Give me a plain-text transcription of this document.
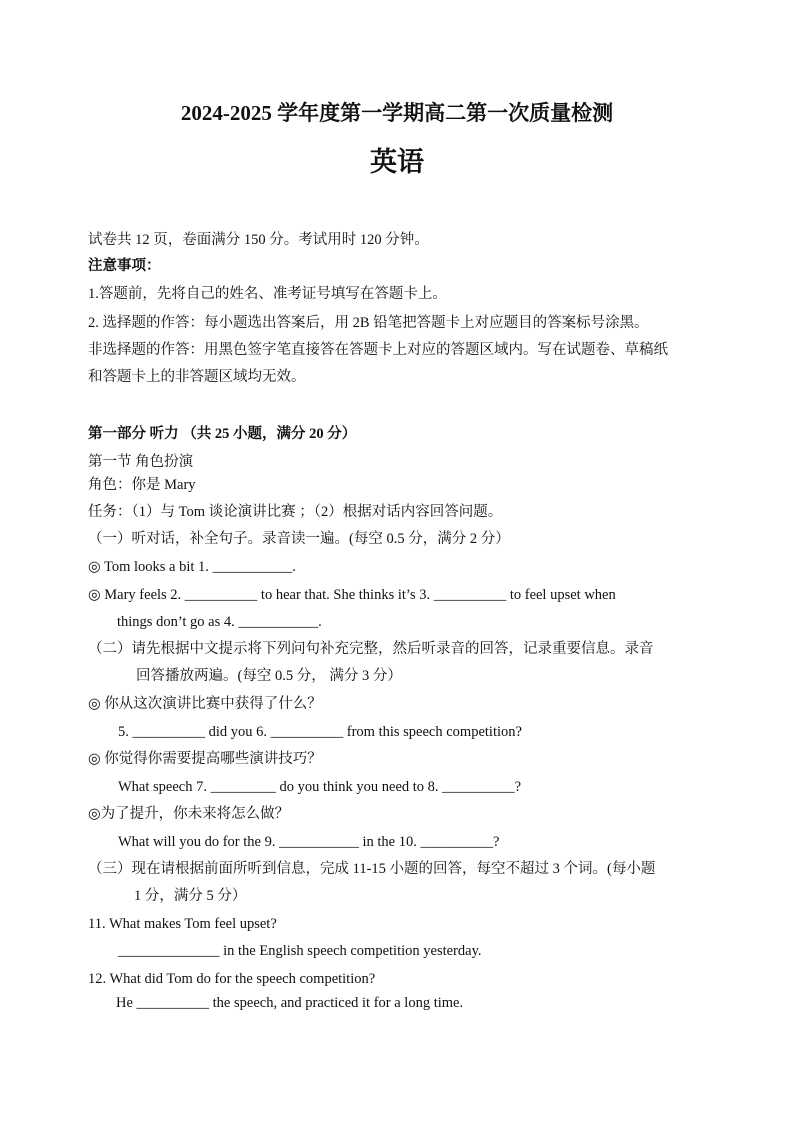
2024-2025 学年度第一学期高二第一次质量检测
英语
试卷共 12 页，卷面满分 150 分。考试用时 120 分钟。
注意事项：
1.答题前，先将自己的姓名、准考证号填写在答题卡上。
2. 选择题的作答：每小题选出答案后，用 2B 铅笔把答题卡上对应题目的答案标号涂黑。
非选择题的作答：用黑色签字笔直接答在答题卡上对应的答题区域内。写在试题卷、草稿纸
和答题卡上的非答题区域均无效。
第一部分 听力 （共 25 小题，满分 20 分）
第一节 角色扮演
角色：你是 Mary
任务：（1）与 Tom 谈论演讲比赛 ；（2）根据对话内容回答问题。
（一）听对话，补全句子。录音读一遍。(每空 0.5 分，满分 2 分）
◎ Tom looks a bit 1. ___________.
◎ Mary feels 2. __________ to hear that. She thinks it’s 3. __________ to feel upset when
things don’t go as 4. ___________.
（二）请先根据中文提示将下列问句补充完整，然后听录音的回答，记录重要信息。录音
回答播放两遍。(每空 0.5 分， 满分 3 分）
◎ 你从这次演讲比赛中获得了什么？
5. __________ did you 6. __________ from this speech competition?
◎ 你觉得你需要提高哪些演讲技巧？
What speech 7. _________ do you think you need to 8. __________?
◎为了提升，你未来将怎么做？
What will you do for the 9. ___________ in the 10. __________?
（三）现在请根据前面所听到信息，完成 11-15 小题的回答，每空不超过 3 个词。(每小题
1 分，满分 5 分）
11. What makes Tom feel upset?
______________ in the English speech competition yesterday.
12. What did Tom do for the speech competition?
He __________ the speech, and practiced it for a long time.
